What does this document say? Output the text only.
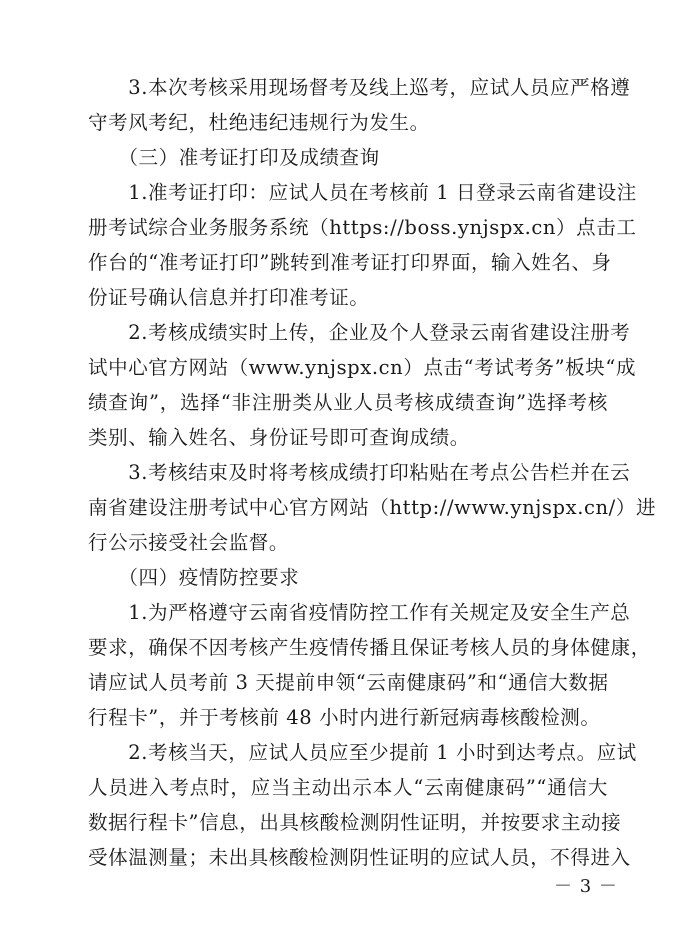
　　3.本次考核采用现场督考及线上巡考，应试人员应严格遵
守考风考纪，杜绝违纪违规行为发生。
　　（三）准考证打印及成绩查询
　　1.准考证打印：应试人员在考核前 1 日登录云南省建设注
册考试综合业务服务系统（https://boss.ynjspx.cn）点击工
作台的“准考证打印”跳转到准考证打印界面，输入姓名、身
份证号确认信息并打印准考证。
　　2.考核成绩实时上传，企业及个人登录云南省建设注册考
试中心官方网站（www.ynjspx.cn）点击“考试考务”板块“成
绩查询”，选择“非注册类从业人员考核成绩查询”选择考核
类别、输入姓名、身份证号即可查询成绩。
　　3.考核结束及时将考核成绩打印粘贴在考点公告栏并在云
南省建设注册考试中心官方网站（http://www.ynjspx.cn/）进
行公示接受社会监督。
　　（四）疫情防控要求
　　1.为严格遵守云南省疫情防控工作有关规定及安全生产总
要求，确保不因考核产生疫情传播且保证考核人员的身体健康，
请应试人员考前 3 天提前申领“云南健康码”和“通信大数据
行程卡”，并于考核前 48 小时内进行新冠病毒核酸检测。
　　2.考核当天，应试人员应至少提前 1 小时到达考点。应试
人员进入考点时，应当主动出示本人“云南健康码”“通信大
数据行程卡”信息，出具核酸检测阴性证明，并按要求主动接
受体温测量；未出具核酸检测阴性证明的应试人员，不得进入
－ 3 －
